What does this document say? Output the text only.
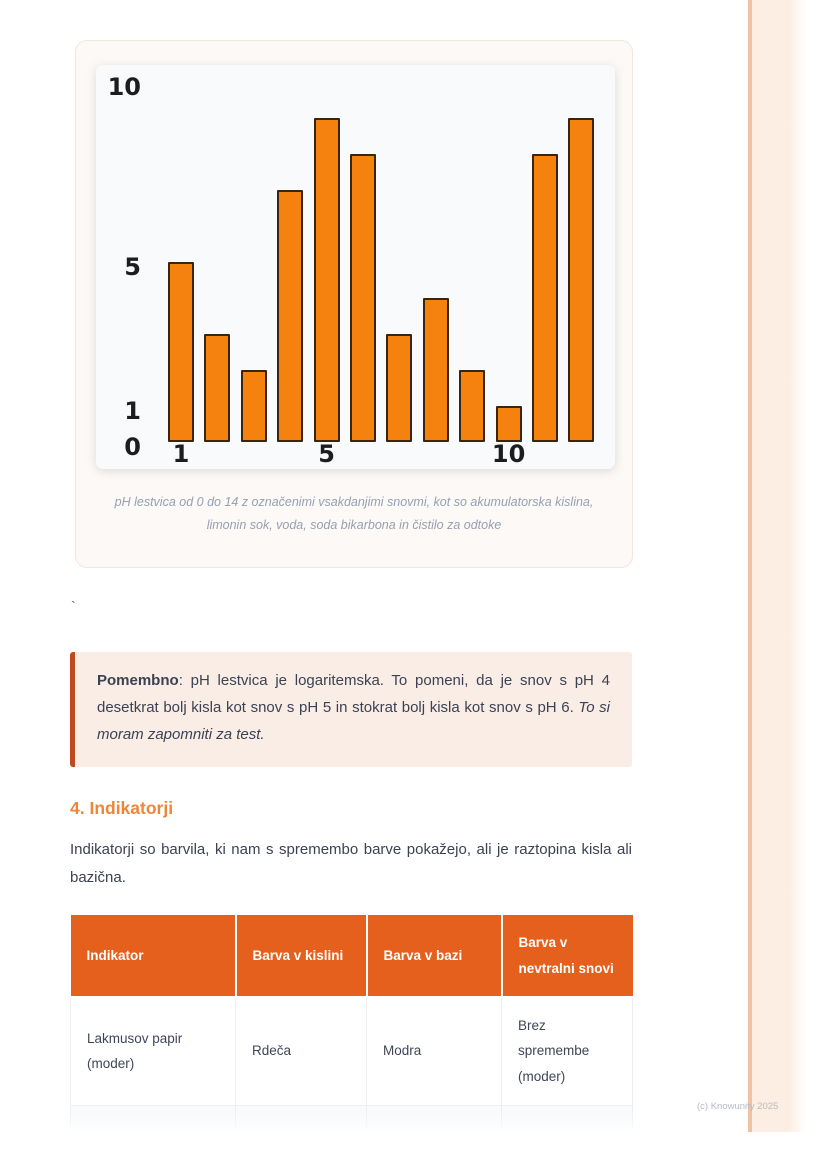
10
5
1
0	1	5	10
pH lestvica od 0 do 14 z označenimi vsakdanjimi snovmi, kot so akumulatorska kislina, limonin sok, voda, soda bikarbona in čistilo za odtoke
`
Pomembno: pH lestvica je logaritemska. To pomeni, da je snov s pH 4 desetkrat bolj kisla kot snov s pH 5 in stokrat bolj kisla kot snov s pH 6. To si moram zapomniti za test.
4. Indikatorji
Indikatorji so barvila, ki nam s spremembo barve pokažejo, ali je raztopina kisla ali bazična.
Indikator	Barva v kislini	Barva v bazi	Barva v nevtralni snovi
Lakmusov papir (moder)	Rdeča	Modra	Brez spremembe (moder)

(c) Knowunity 2025
